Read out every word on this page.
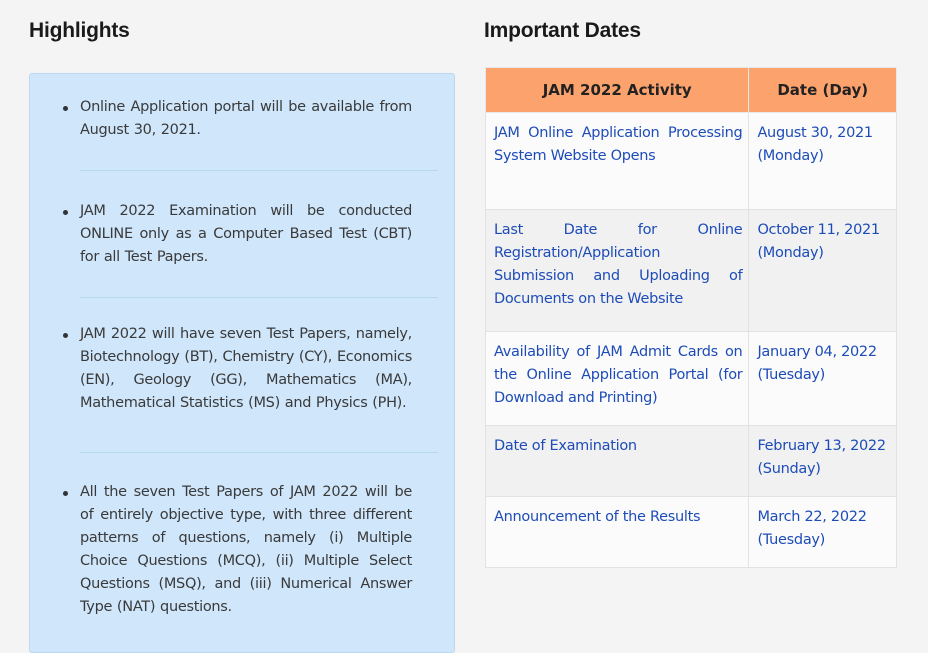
Highlights	Important Dates
Online Application portal will be available from August 30, 2021.
JAM 2022 Examination will be conducted ONLINE only as a Computer Based Test (CBT) for all Test Papers.
JAM 2022 will have seven Test Papers, namely, Biotechnology (BT), Chemistry (CY), Economics (EN), Geology (GG), Mathematics (MA), Mathematical Statistics (MS) and Physics (PH).
All the seven Test Papers of JAM 2022 will be of entirely objective type, with three different patterns of questions, namely (i) Multiple Choice Questions (MCQ), (ii) Multiple Select Questions (MSQ), and (iii) Numerical Answer Type (NAT) questions.
JAM 2022 Activity	Date (Day)
JAM Online Application Processing System Website Opens	August 30, 2021 (Monday)
Last Date for Online Registration/Application Submission and Uploading of Documents on the Website	October 11, 2021 (Monday)
Availability of JAM Admit Cards on the Online Application Portal (for Download and Printing)	January 04, 2022 (Tuesday)
Date of Examination	February 13, 2022 (Sunday)
Announcement of the Results	March 22, 2022 (Tuesday)
